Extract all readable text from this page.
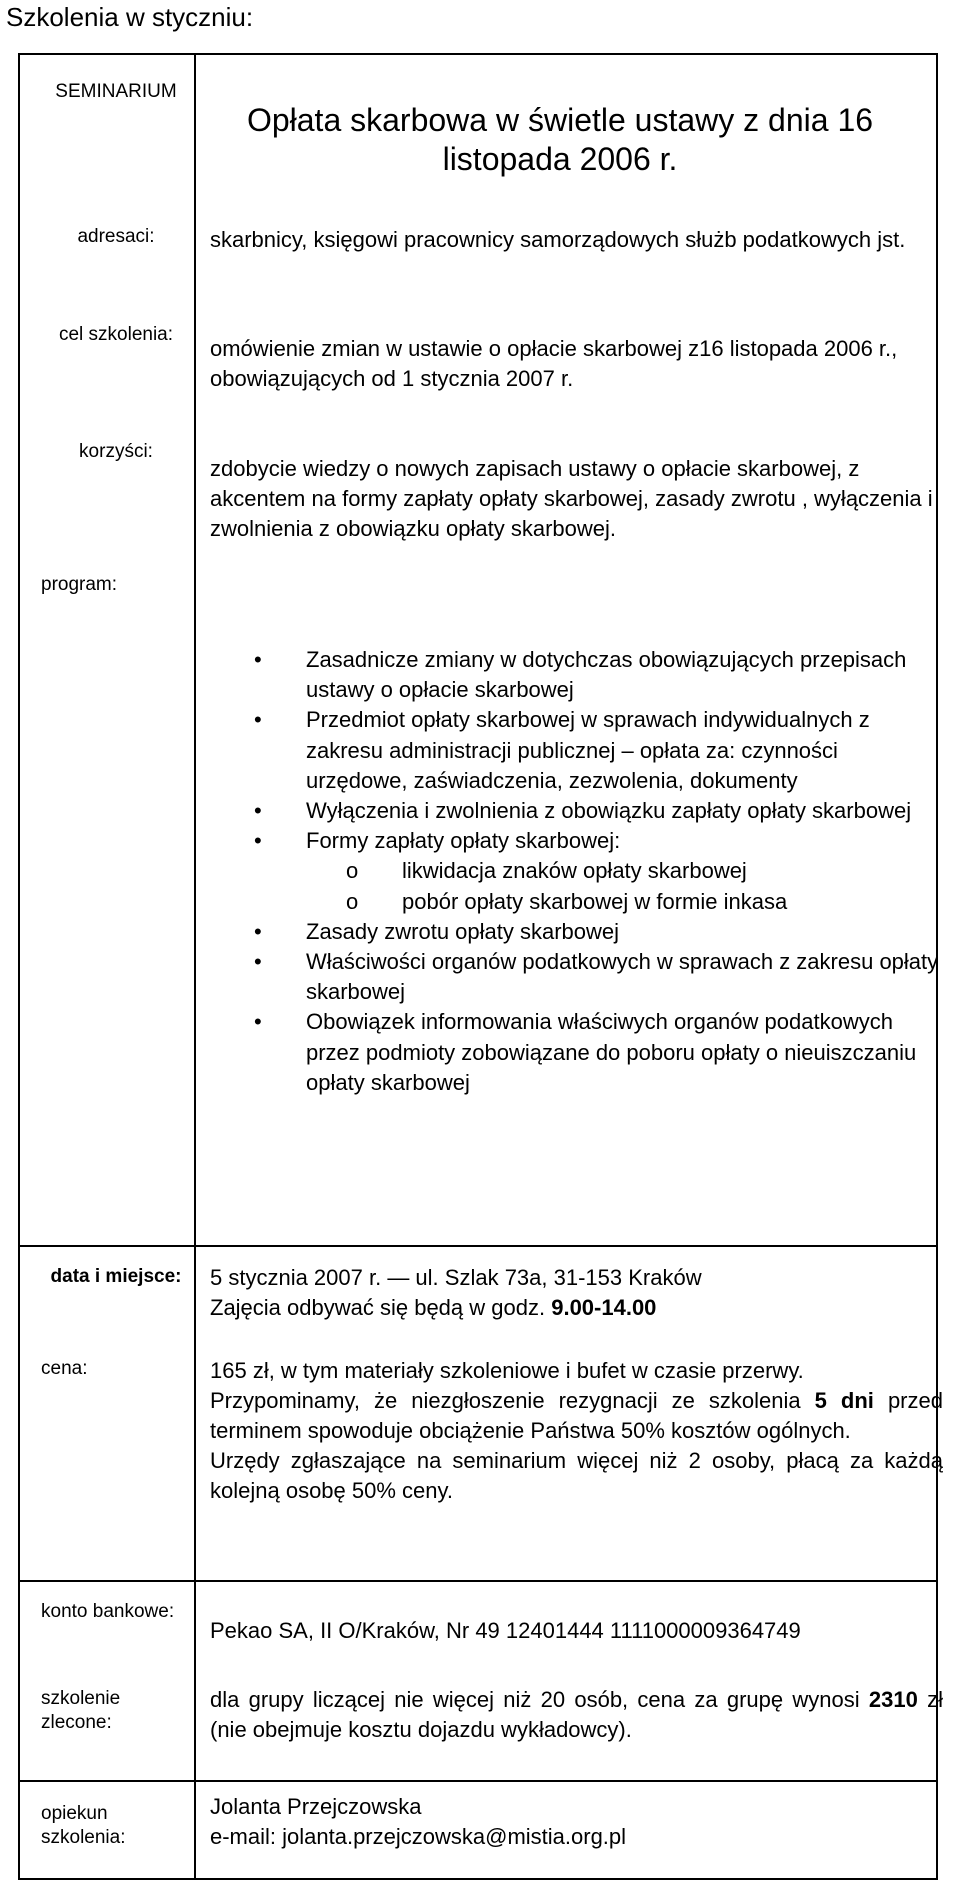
Szkolenia w styczniu:
SEMINARIUM
adresaci:
cel szkolenia:
korzyści:
program:
data i miejsce:
cena:
konto bankowe:
szkolenie zlecone:
opiekun szkolenia:
Opłata skarbowa w świetle ustawy z dnia 16 listopada 2006 r.
skarbnicy, księgowi pracownicy samorządowych służb podatkowych jst.
omówienie zmian w ustawie o opłacie skarbowej z16 listopada 2006 r., obowiązujących od 1 stycznia 2007 r.
zdobycie wiedzy o nowych zapisach ustawy o opłacie skarbowej, z akcentem na formy zapłaty opłaty skarbowej, zasady zwrotu , wyłączenia i zwolnienia z obowiązku opłaty skarbowej.
• Zasadnicze zmiany w dotychczas obowiązujących przepisach ustawy o opłacie skarbowej
• Przedmiot opłaty skarbowej w sprawach indywidualnych z zakresu administracji publicznej – opłata za: czynności urzędowe, zaświadczenia, zezwolenia, dokumenty
• Wyłączenia i zwolnienia z obowiązku zapłaty opłaty skarbowej
• Formy zapłaty opłaty skarbowej:
o likwidacja znaków opłaty skarbowej
o pobór opłaty skarbowej w formie inkasa
• Zasady zwrotu opłaty skarbowej
• Właściwości organów podatkowych w sprawach z zakresu opłaty skarbowej
• Obowiązek informowania właściwych organów podatkowych przez podmioty zobowiązane do poboru opłaty o nieuiszczaniu opłaty skarbowej
5 stycznia 2007 r. — ul. Szlak 73a, 31-153 Kraków
Zajęcia odbywać się będą w godz. 9.00-14.00
165 zł, w tym materiały szkoleniowe i bufet w czasie przerwy.
Przypominamy, że niezgłoszenie rezygnacji ze szkolenia 5 dni przed terminem spowoduje obciążenie Państwa 50% kosztów ogólnych.
Urzędy zgłaszające na seminarium więcej niż 2 osoby, płacą za każdą kolejną osobę 50% ceny.
Pekao SA, II O/Kraków, Nr 49 12401444 1111000009364749
dla grupy liczącej nie więcej niż 20 osób, cena za grupę wynosi 2310 zł (nie obejmuje kosztu dojazdu wykładowcy).
Jolanta Przejczowska
e-mail: jolanta.przejczowska@mistia.org.pl
